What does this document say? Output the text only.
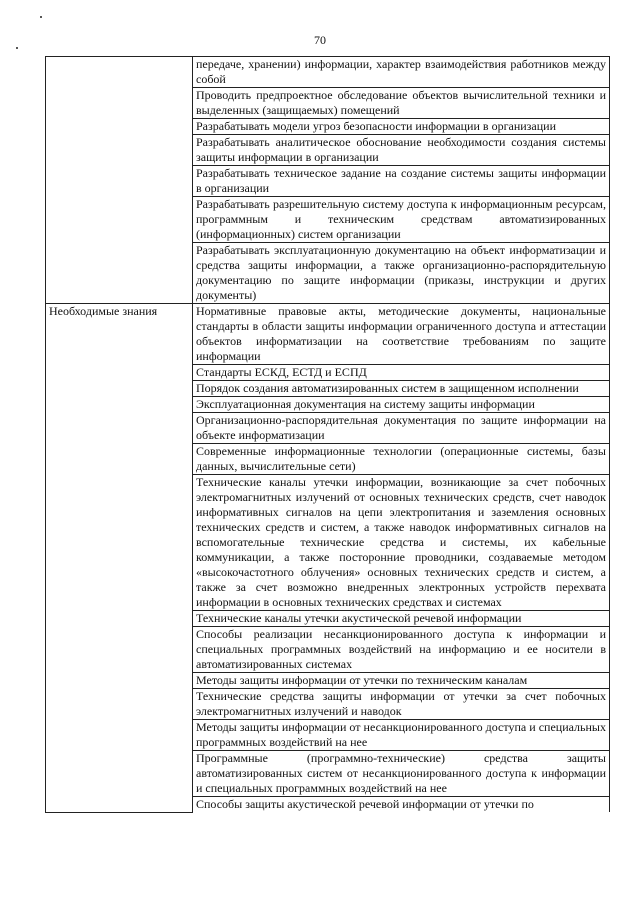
70
	передаче, хранении) информации, характер взаимодействия работников между собой
	Проводить предпроектное обследование объектов вычислительной техники и выделенных (защищаемых) помещений
	Разрабатывать модели угроз безопасности информации в организации
	Разрабатывать аналитическое обоснование необходимости создания системы защиты информации в организации
	Разрабатывать техническое задание на создание системы защиты информации в организации
	Разрабатывать разрешительную систему доступа к информационным ресурсам, программным и техническим средствам автоматизированных (информационных) систем организации
	Разрабатывать эксплуатационную документацию на объект информатизации и средства защиты информации, а также организационно-распорядительную документацию по защите информации (приказы, инструкции и других документы)
Необходимые знания	Нормативные правовые акты, методические документы, национальные стандарты в области защиты информации ограниченного доступа и аттестации объектов информатизации на соответствие требованиям по защите информации
	Стандарты ЕСКД, ЕСТД и ЕСПД
	Порядок создания автоматизированных систем в защищенном исполнении
	Эксплуатационная документация на систему защиты информации
	Организационно-распорядительная документация по защите информации на объекте информатизации
	Современные информационные технологии (операционные системы, базы данных, вычислительные сети)
	Технические каналы утечки информации, возникающие за счет побочных электромагнитных излучений от основных технических средств, счет наводок информативных сигналов на цепи электропитания и заземления основных технических средств и систем, а также наводок информативных сигналов на вспомогательные технические средства и системы, их кабельные коммуникации, а также посторонние проводники, создаваемые методом «высокочастотного облучения» основных технических средств и систем, а также за счет возможно внедренных электронных устройств перехвата информации в основных технических средствах и системах
	Технические каналы утечки акустической речевой информации
	Способы реализации несанкционированного доступа к информации и специальных программных воздействий на информацию и ее носители в автоматизированных системах
	Методы защиты информации от утечки по техническим каналам
	Технические средства защиты информации от утечки за счет побочных электромагнитных излучений и наводок
	Методы защиты информации от несанкционированного доступа и специальных программных воздействий на нее
	Программные (программно-технические) средства защиты автоматизированных систем от несанкционированного доступа к информации и специальных программных воздействий на нее
	Способы защиты акустической речевой информации от утечки по
